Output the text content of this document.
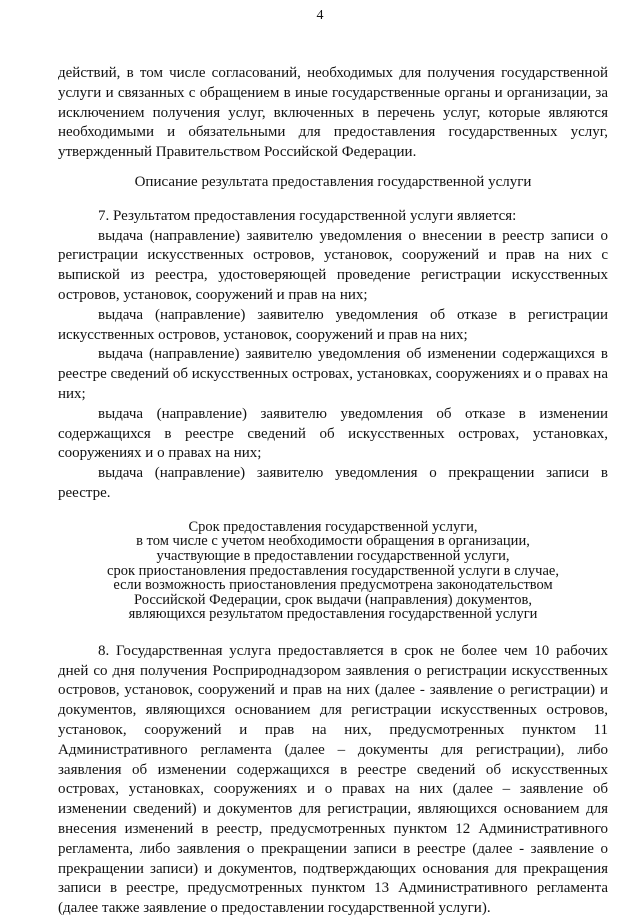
4

действий, в том числе согласований, необходимых для получения государственной услуги и связанных с обращением в иные государственные органы и организации, за исключением получения услуг, включенных в перечень услуг, которые являются необходимыми и обязательными для предоставления государственных услуг, утвержденный Правительством Российской Федерации.

Описание результата предоставления государственной услуги

7. Результатом предоставления государственной услуги является:

выдача (направление) заявителю уведомления о внесении в реестр записи о регистрации искусственных островов, установок, сооружений и прав на них с выпиской из реестра, удостоверяющей проведение регистрации искусственных островов, установок, сооружений и прав на них;

выдача (направление) заявителю уведомления об отказе в регистрации искусственных островов, установок, сооружений и прав на них;

выдача (направление) заявителю уведомления об изменении содержащихся в реестре сведений об искусственных островах, установках, сооружениях и о правах на них;

выдача (направление) заявителю уведомления об отказе в изменении содержащихся в реестре сведений об искусственных островах, установках, сооружениях и о правах на них;

выдача (направление) заявителю уведомления о прекращении записи в реестре.

Срок предоставления государственной услуги,
в том числе с учетом необходимости обращения в организации,
участвующие в предоставлении государственной услуги,
срок приостановления предоставления государственной услуги в случае,
если возможность приостановления предусмотрена законодательством
Российской Федерации, срок выдачи (направления) документов,
являющихся результатом предоставления государственной услуги

8. Государственная услуга предоставляется в срок не более чем 10 рабочих дней со дня получения Росприроднадзором заявления о регистрации искусственных островов, установок, сооружений и прав на них (далее - заявление о регистрации) и документов, являющихся основанием для регистрации искусственных островов, установок, сооружений и прав на них, предусмотренных пунктом 11 Административного регламента (далее – документы для регистрации), либо заявления об изменении содержащихся в реестре сведений об искусственных островах, установках, сооружениях и о правах на них (далее – заявление об изменении сведений) и документов для регистрации, являющихся основанием для внесения изменений в реестр, предусмотренных пунктом 12 Административного регламента, либо заявления о прекращении записи в реестре (далее - заявление о прекращении записи) и документов, подтверждающих основания для прекращения записи в реестре, предусмотренных пунктом 13 Административного регламента (далее также заявление о предоставлении государственной услуги).
